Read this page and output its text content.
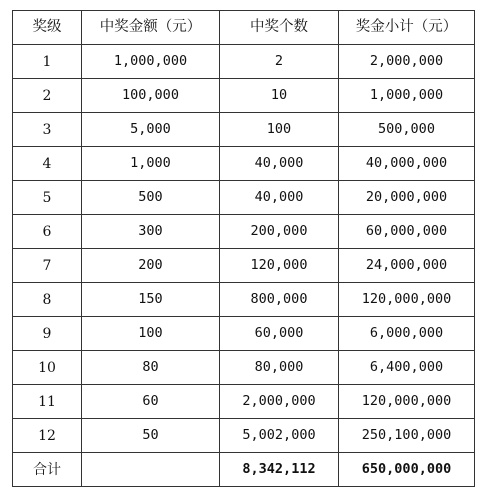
奖级	中奖金额（元）	中奖个数	奖金小计（元）
1	1,000,000	2	2,000,000
2	100,000	10	1,000,000
3	5,000	100	500,000
4	1,000	40,000	40,000,000
5	500	40,000	20,000,000
6	300	200,000	60,000,000
7	200	120,000	24,000,000
8	150	800,000	120,000,000
9	100	60,000	6,000,000
10	80	80,000	6,400,000
11	60	2,000,000	120,000,000
12	50	5,002,000	250,100,000
合计		8,342,112	650,000,000
